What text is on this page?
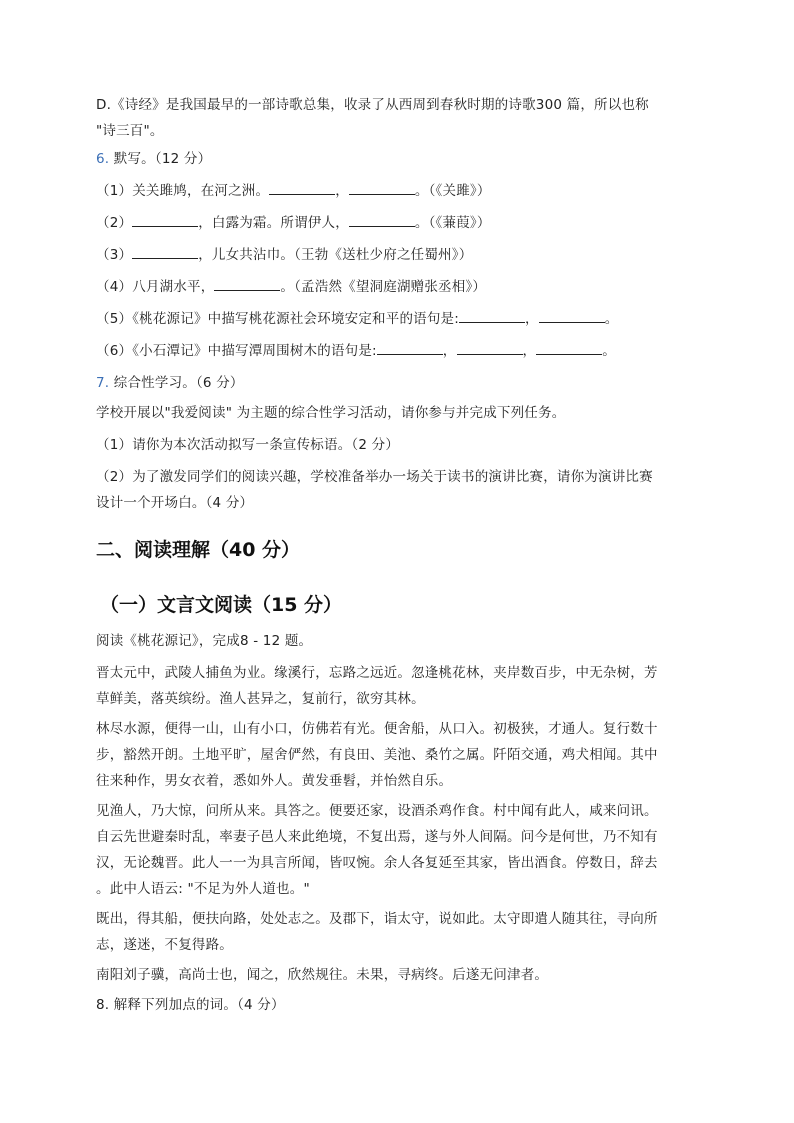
D.《诗经》是我国最早的一部诗歌总集，收录了从西周到春秋时期的诗歌300 篇，所以也称
"诗三百"。
6. 默写。（12 分）
（1）关关雎鸠，在河之洲。	，	。（《关雎》）
（2）	，白露为霜。所谓伊人，	。（《蒹葭》）
（3）	，儿女共沾巾。（王勃《送杜少府之任蜀州》）
（4）八月湖水平，	。（孟浩然《望洞庭湖赠张丞相》）
（5）《桃花源记》中描写桃花源社会环境安定和平的语句是:	，	。
（6）《小石潭记》中描写潭周围树木的语句是:	，	，	。
7. 综合性学习。（6 分）
学校开展以"我爱阅读" 为主题的综合性学习活动，请你参与并完成下列任务。
（1）请你为本次活动拟写一条宣传标语。（2 分）
（2）为了激发同学们的阅读兴趣，学校准备举办一场关于读书的演讲比赛，请你为演讲比赛
设计一个开场白。（4 分）
二、阅读理解（40 分）
（一）文言文阅读（15 分）
阅读《桃花源记》，完成8 - 12 题。
晋太元中，武陵人捕鱼为业。缘溪行，忘路之远近。忽逢桃花林，夹岸数百步，中无杂树，芳
草鲜美，落英缤纷。渔人甚异之，复前行，欲穷其林。
林尽水源，便得一山，山有小口，仿佛若有光。便舍船，从口入。初极狭，才通人。复行数十
步，豁然开朗。土地平旷，屋舍俨然，有良田、美池、桑竹之属。阡陌交通，鸡犬相闻。其中
往来种作，男女衣着，悉如外人。黄发垂髫，并怡然自乐。
见渔人，乃大惊，问所从来。具答之。便要还家，设酒杀鸡作食。村中闻有此人，咸来问讯。
自云先世避秦时乱，率妻子邑人来此绝境，不复出焉，遂与外人间隔。问今是何世，乃不知有
汉，无论魏晋。此人一一为具言所闻，皆叹惋。余人各复延至其家，皆出酒食。停数日，辞去
。此中人语云: "不足为外人道也。"
既出，得其船，便扶向路，处处志之。及郡下，诣太守，说如此。太守即遣人随其往，寻向所
志，遂迷，不复得路。
南阳刘子骥，高尚士也，闻之，欣然规往。未果，寻病终。后遂无问津者。
8. 解释下列加点的词。（4 分）
